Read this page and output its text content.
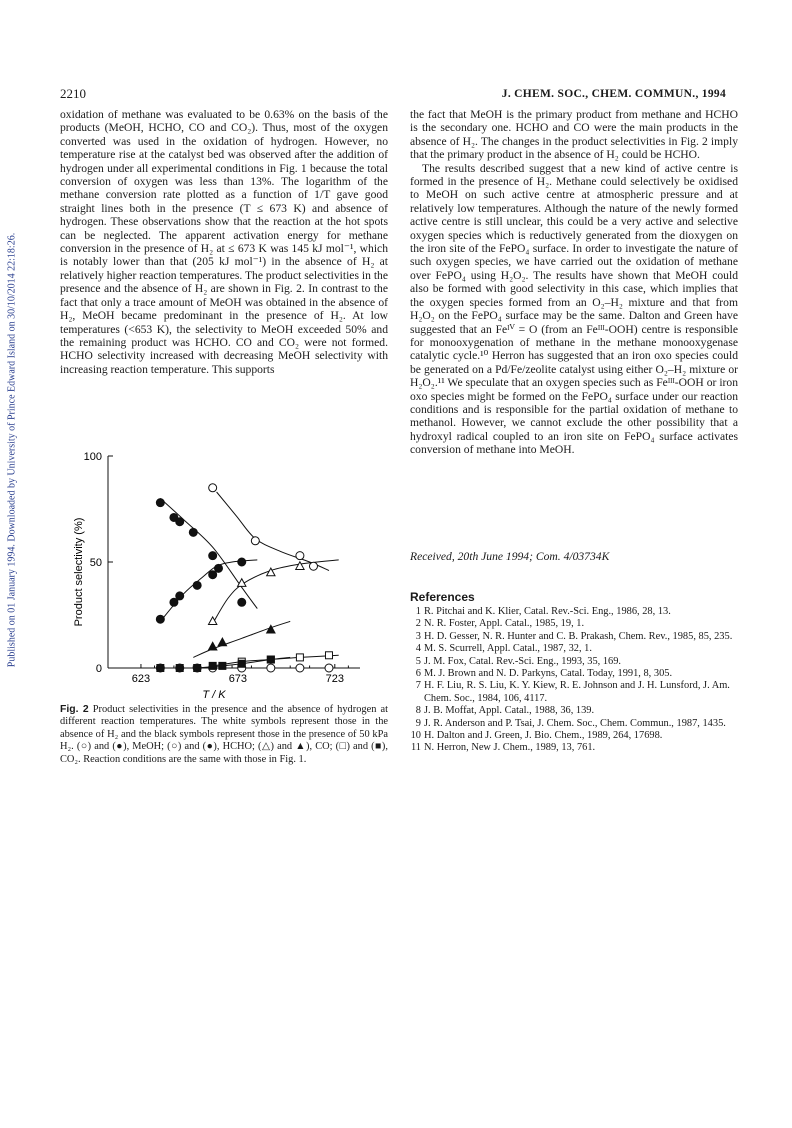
Published on 01 January 1994. Downloaded by University of Prince Edward Island on 30/10/2014 22:18:26.
2210	J. CHEM. SOC., CHEM. COMMUN., 1994

oxidation of methane was evaluated to be 0.63% on the basis of the products (MeOH, HCHO, CO and CO₂). Thus, most of the oxygen converted was used in the oxidation of hydrogen. However, no temperature rise at the catalyst bed was observed after the addition of hydrogen under all experimental conditions in Fig. 1 because the total conversion of oxygen was less than 13%. The logarithm of the methane conversion rate plotted as a function of 1/T gave good straight lines both in the presence (T ≤ 673 K) and absence of hydrogen. These observations show that the reaction at the hot spots can be neglected. The apparent activation energy for methane conversion in the presence of H₂ at ≤ 673 K was 145 kJ mol⁻¹, which is notably lower than that (205 kJ mol⁻¹) in the absence of H₂ at relatively higher reaction temperatures. The product selectivities in the presence and the absence of H₂ are shown in Fig. 2. In contrast to the fact that only a trace amount of MeOH was obtained in the absence of H₂, MeOH became predominant in the presence of H₂. At low temperatures (<653 K), the selectivity to MeOH exceeded 50% and the remaining product was HCHO. CO and CO₂ were not formed. HCHO selectivity increased with decreasing MeOH selectivity with increasing reaction temperature. This supports

the fact that MeOH is the primary product from methane and HCHO is the secondary one. HCHO and CO were the main products in the absence of H₂. The changes in the product selectivities in Fig. 2 imply that the primary product in the absence of H₂ could be HCHO.

The results described suggest that a new kind of active centre is formed in the presence of H₂. Methane could selectively be oxidised to MeOH on such active centre at atmospheric pressure and at relatively low temperatures. Although the nature of the newly formed active centre is still unclear, this could be a very active and selective oxygen species which is reductively generated from the dioxygen on the iron site of the FePO₄ surface. In order to investigate the nature of such oxygen species, we have carried out the oxidation of methane over FePO₄ using H₂O₂. The results have shown that MeOH could also be formed with good selectivity in this case, which implies that the oxygen species formed from an O₂–H₂ mixture and that from H₂O₂ on the FePO₄ surface may be the same. Dalton and Green have suggested that an Feᴵⱽ = O (from an Feᴵᴵᴵ-OOH) centre is responsible for monooxygenation of methane in the methane monooxygenase catalytic cycle.¹⁰ Herron has suggested that an iron oxo species could be generated on a Pd/Fe/zeolite catalyst using either O₂–H₂ mixture or H₂O₂.¹¹ We speculate that an oxygen species such as Feᴵᴵᴵ-OOH or iron oxo species might be formed on the FePO₄ surface under our reaction conditions and is responsible for the partial oxidation of methane to methanol. However, we cannot exclude the other possibility that a hydroxyl radical coupled to an iron site on FePO₄ surface activates conversion of methane into MeOH.

Received, 20th June 1994; Com. 4/03734K
References
1 R. Pitchai and K. Klier, Catal. Rev.-Sci. Eng., 1986, 28, 13.
2 N. R. Foster, Appl. Catal., 1985, 19, 1.
3 H. D. Gesser, N. R. Hunter and C. B. Prakash, Chem. Rev., 1985, 85, 235.
4 M. S. Scurrell, Appl. Catal., 1987, 32, 1.
5 J. M. Fox, Catal. Rev.-Sci. Eng., 1993, 35, 169.
6 M. J. Brown and N. D. Parkyns, Catal. Today, 1991, 8, 305.
7 H. F. Liu, R. S. Liu, K. Y. Kiew, R. E. Johnson and J. H. Lunsford, J. Am. Chem. Soc., 1984, 106, 4117.
8 J. B. Moffat, Appl. Catal., 1988, 36, 139.
9 J. R. Anderson and P. Tsai, J. Chem. Soc., Chem. Commun., 1987, 1435.
10 H. Dalton and J. Green, J. Bio. Chem., 1989, 264, 17698.
11 N. Herron, New J. Chem., 1989, 13, 761.
0
50
100
623	673	723
T / K
Product selectivity (%)
Fig. 2 Product selectivities in the presence and the absence of hydrogen at different reaction temperatures. The white symbols represent those in the absence of H₂ and the black symbols represent those in the presence of 50 kPa H₂. (○) and (●), MeOH; (○) and (●), HCHO; (△) and ▲), CO; (□) and (■), CO₂. Reaction conditions are the same with those in Fig. 1.
